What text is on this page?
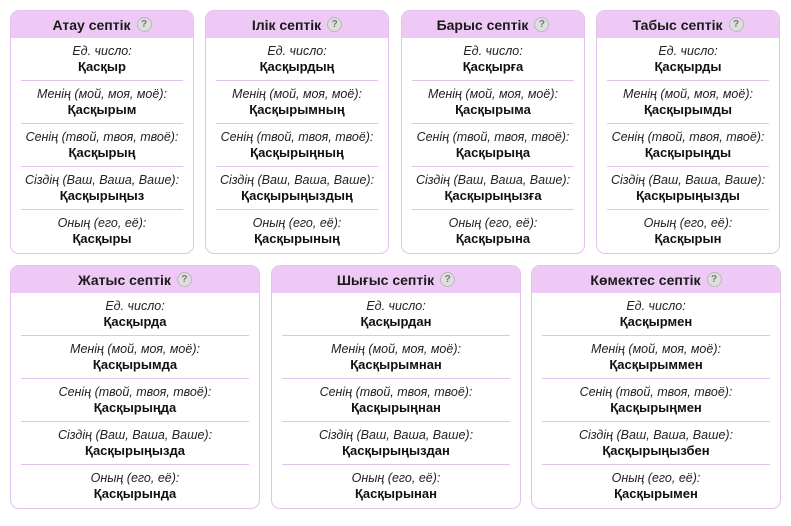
Атау септік	?
Ед. число:
Қасқыр
Менің (мой, моя, моё):
Қасқырым
Сенің (твой, твоя, твоё):
Қасқырың
Сіздің (Ваш, Ваша, Ваше):
Қасқырыңыз
Оның (его, её):
Қасқыры
Ілік септік	?
Ед. число:
Қасқырдың
Менің (мой, моя, моё):
Қасқырымның
Сенің (твой, твоя, твоё):
Қасқырыңның
Сіздің (Ваш, Ваша, Ваше):
Қасқырыңыздың
Оның (его, её):
Қасқырының
Барыс септік	?
Ед. число:
Қасқырға
Менің (мой, моя, моё):
Қасқырыма
Сенің (твой, твоя, твоё):
Қасқырыңа
Сіздің (Ваш, Ваша, Ваше):
Қасқырыңызға
Оның (его, её):
Қасқырына
Табыс септік	?
Ед. число:
Қасқырды
Менің (мой, моя, моё):
Қасқырымды
Сенің (твой, твоя, твоё):
Қасқырыңды
Сіздің (Ваш, Ваша, Ваше):
Қасқырыңызды
Оның (его, её):
Қасқырын
Жатыс септік	?
Ед. число:
Қасқырда
Менің (мой, моя, моё):
Қасқырымда
Сенің (твой, твоя, твоё):
Қасқырыңда
Сіздің (Ваш, Ваша, Ваше):
Қасқырыңызда
Оның (его, её):
Қасқырында
Шығыс септік	?
Ед. число:
Қасқырдан
Менің (мой, моя, моё):
Қасқырымнан
Сенің (твой, твоя, твоё):
Қасқырыңнан
Сіздің (Ваш, Ваша, Ваше):
Қасқырыңыздан
Оның (его, её):
Қасқырынан
Көмектес септік	?
Ед. число:
Қасқырмен
Менің (мой, моя, моё):
Қасқырыммен
Сенің (твой, твоя, твоё):
Қасқырыңмен
Сіздің (Ваш, Ваша, Ваше):
Қасқырыңызбен
Оның (его, её):
Қасқырымен
